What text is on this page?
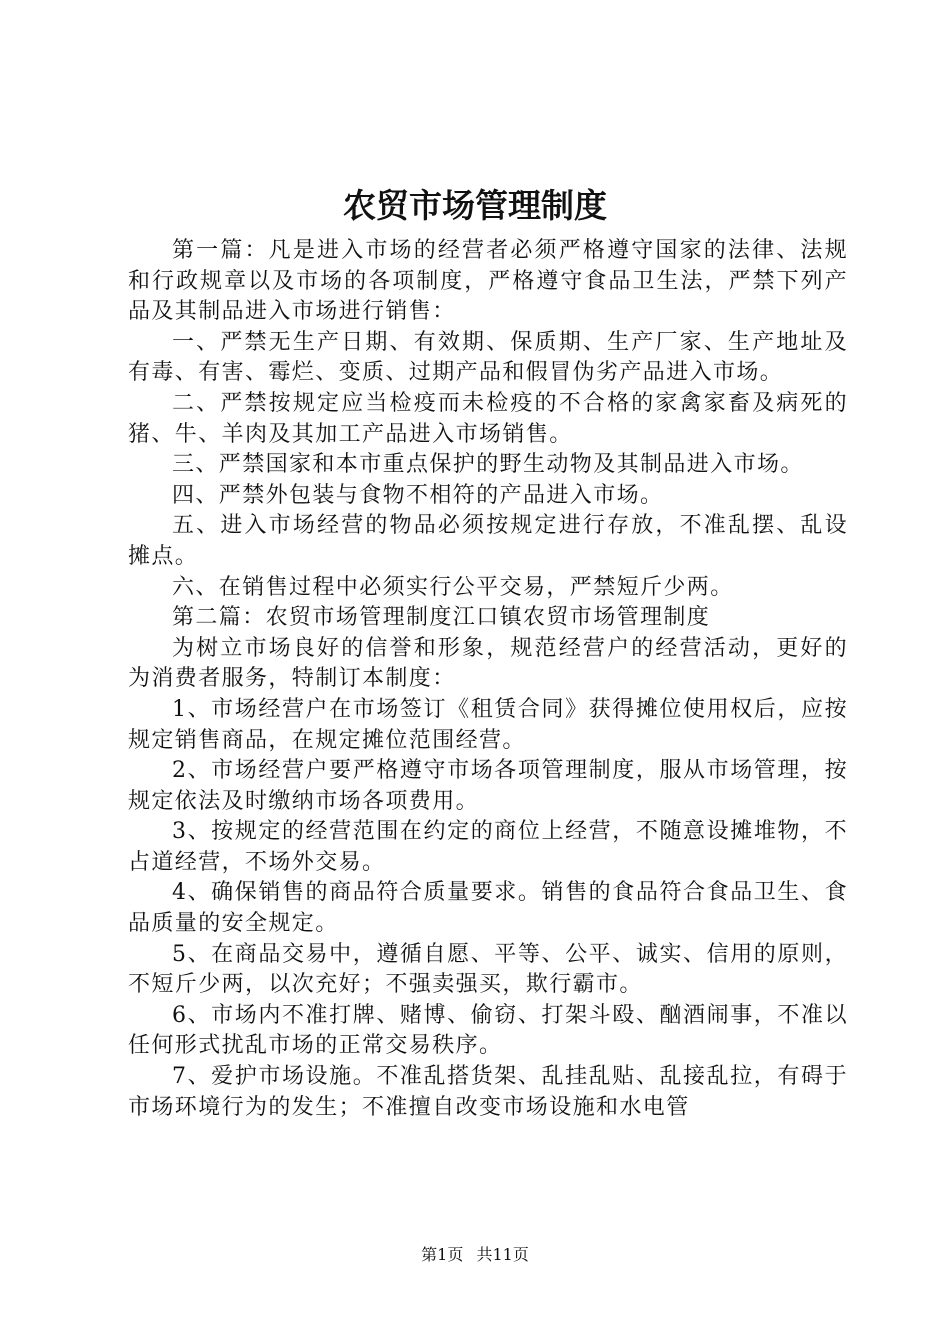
农贸市场管理制度

第一篇：凡是进入市场的经营者必须严格遵守国家的法律、法规和行政规章以及市场的各项制度，严格遵守食品卫生法，严禁下列产品及其制品进入市场进行销售：

一、严禁无生产日期、有效期、保质期、生产厂家、生产地址及有毒、有害、霉烂、变质、过期产品和假冒伪劣产品进入市场。

二、严禁按规定应当检疫而未检疫的不合格的家禽家畜及病死的猪、牛、羊肉及其加工产品进入市场销售。

三、严禁国家和本市重点保护的野生动物及其制品进入市场。

四、严禁外包装与食物不相符的产品进入市场。

五、进入市场经营的物品必须按规定进行存放，不准乱摆、乱设摊点。

六、在销售过程中必须实行公平交易，严禁短斤少两。

第二篇：农贸市场管理制度江口镇农贸市场管理制度

为树立市场良好的信誉和形象，规范经营户的经营活动，更好的为消费者服务，特制订本制度：

1、市场经营户在市场签订《租赁合同》获得摊位使用权后，应按规定销售商品，在规定摊位范围经营。

2、市场经营户要严格遵守市场各项管理制度，服从市场管理，按规定依法及时缴纳市场各项费用。

3、按规定的经营范围在约定的商位上经营，不随意设摊堆物，不占道经营，不场外交易。

4、确保销售的商品符合质量要求。销售的食品符合食品卫生、食品质量的安全规定。

5、在商品交易中，遵循自愿、平等、公平、诚实、信用的原则，不短斤少两，以次充好；不强卖强买，欺行霸市。

6、市场内不准打牌、赌博、偷窃、打架斗殴、酗酒闹事，不准以任何形式扰乱市场的正常交易秩序。

7、爱护市场设施。不准乱搭货架、乱挂乱贴、乱接乱拉，有碍于市场环境行为的发生；不准擅自改变市场设施和水电管

第1页 共11页
